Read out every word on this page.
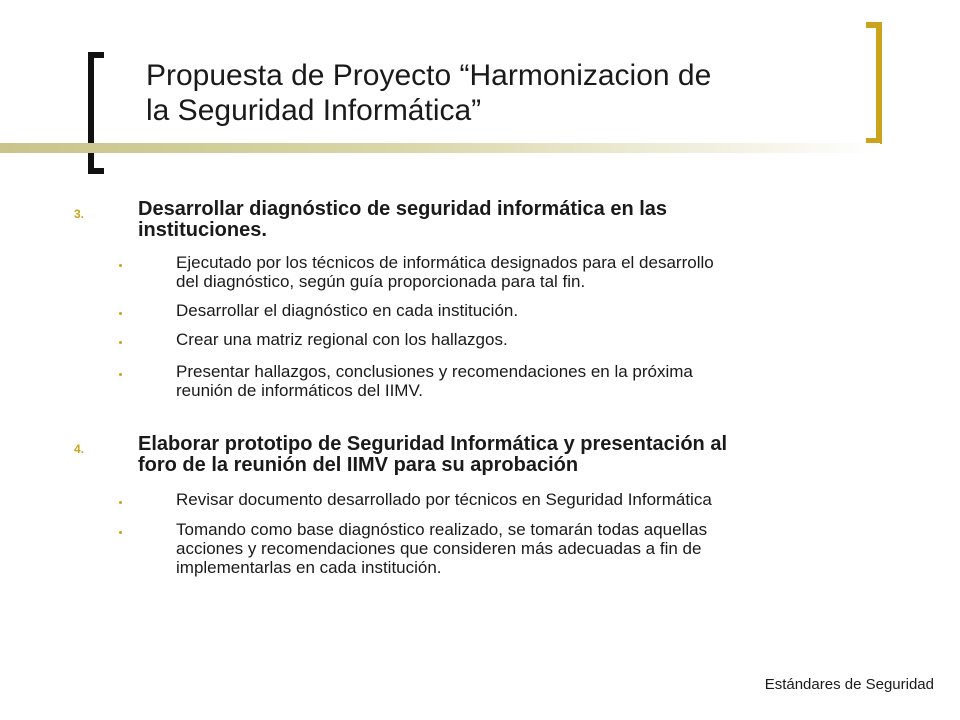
Propuesta de Proyecto “Harmonizacion de
la Seguridad Informática”
3.	Desarrollar diagnóstico de seguridad informática en las
instituciones.
Ejecutado por los técnicos de informática designados para el desarrollo
del diagnóstico, según guía proporcionada para tal fin.
Desarrollar el diagnóstico en cada institución.
Crear una matriz regional con los hallazgos.
Presentar hallazgos, conclusiones y recomendaciones en la próxima
reunión de informáticos del IIMV.
4.	Elaborar prototipo de Seguridad Informática y presentación al
foro de la reunión del IIMV para su aprobación
Revisar documento desarrollado por técnicos en Seguridad Informática
Tomando como base diagnóstico realizado, se tomarán todas aquellas
acciones y recomendaciones que consideren más adecuadas a fin de
implementarlas en cada institución.
Estándares de Seguridad
